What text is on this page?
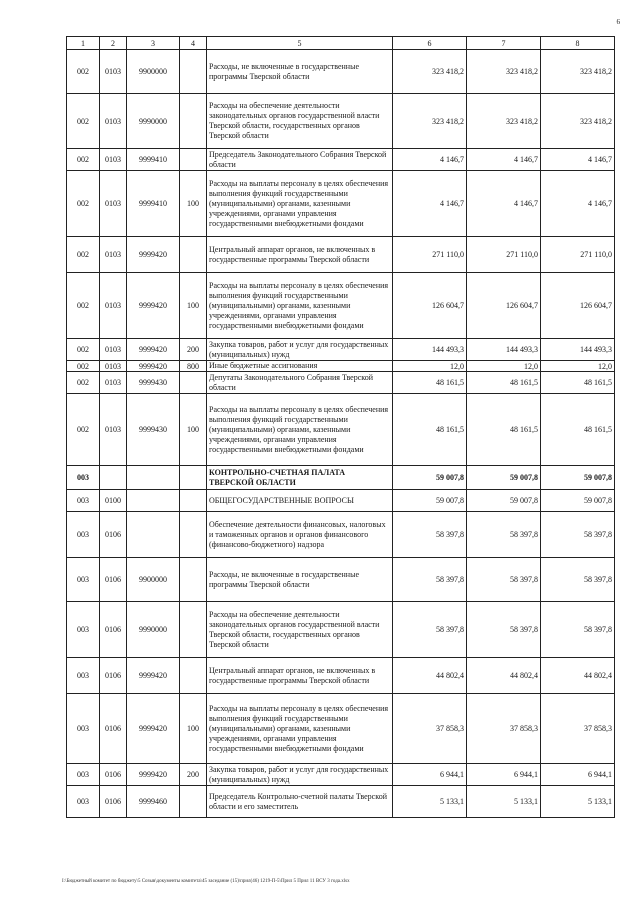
6
1	2	3	4	5	6	7	8
002	0103	9900000		Расходы, не включенные в государственные программы Тверской области	323 418,2	323 418,2	323 418,2
002	0103	9990000		Расходы на обеспечение деятельности законодательных органов государственной власти Тверской области, государственных органов Тверской области	323 418,2	323 418,2	323 418,2
002	0103	9999410		Председатель Законодательного Собрания Тверской области	4 146,7	4 146,7	4 146,7
002	0103	9999410	100	Расходы на выплаты персоналу в целях обеспечения выполнения функций государственными (муниципальными) органами, казенными учреждениями, органами управления государственными внебюджетными фондами	4 146,7	4 146,7	4 146,7
002	0103	9999420		Центральный аппарат органов, не включенных в государственные программы Тверской области	271 110,0	271 110,0	271 110,0
002	0103	9999420	100	Расходы на выплаты персоналу в целях обеспечения выполнения функций государственными (муниципальными) органами, казенными учреждениями, органами управления государственными внебюджетными фондами	126 604,7	126 604,7	126 604,7
002	0103	9999420	200	Закупка товаров, работ и услуг для государственных (муниципальных) нужд	144 493,3	144 493,3	144 493,3
002	0103	9999420	800	Иные бюджетные ассигнования	12,0	12,0	12,0
002	0103	9999430		Депутаты Законодательного Собрания Тверской области	48 161,5	48 161,5	48 161,5
002	0103	9999430	100	Расходы на выплаты персоналу в целях обеспечения выполнения функций государственными (муниципальными) органами, казенными учреждениями, органами управления государственными внебюджетными фондами	48 161,5	48 161,5	48 161,5
003				КОНТРОЛЬНО-СЧЕТНАЯ ПАЛАТА ТВЕРСКОЙ ОБЛАСТИ	59 007,8	59 007,8	59 007,8
003	0100			ОБЩЕГОСУДАРСТВЕННЫЕ ВОПРОСЫ	59 007,8	59 007,8	59 007,8
003	0106			Обеспечение деятельности финансовых, налоговых и таможенных органов и органов финансового (финансово-бюджетного) надзора	58 397,8	58 397,8	58 397,8
003	0106	9900000		Расходы, не включенные в государственные программы Тверской области	58 397,8	58 397,8	58 397,8
003	0106	9990000		Расходы на обеспечение деятельности законодательных органов государственной власти Тверской области, государственных органов Тверской области	58 397,8	58 397,8	58 397,8
003	0106	9999420		Центральный аппарат органов, не включенных в государственные программы Тверской области	44 802,4	44 802,4	44 802,4
003	0106	9999420	100	Расходы на выплаты персоналу в целях обеспечения выполнения функций государственными (муниципальными) органами, казенными учреждениями, органами управления государственными внебюджетными фондами	37 858,3	37 858,3	37 858,3
003	0106	9999420	200	Закупка товаров, работ и услуг для государственных (муниципальных) нужд	6 944,1	6 944,1	6 944,1
003	0106	9999460		Председатель Контрольно-счетной палаты Тверской области и его заместитель	5 133,1	5 133,1	5 133,1
I:\Бюджетный комитет по бюджету\5 Созыв\документы комитета\45 заседание (15)\прил(46) 1219-П-5\Прил 5 Прил 11 ВСУ 3 года.xlsx
